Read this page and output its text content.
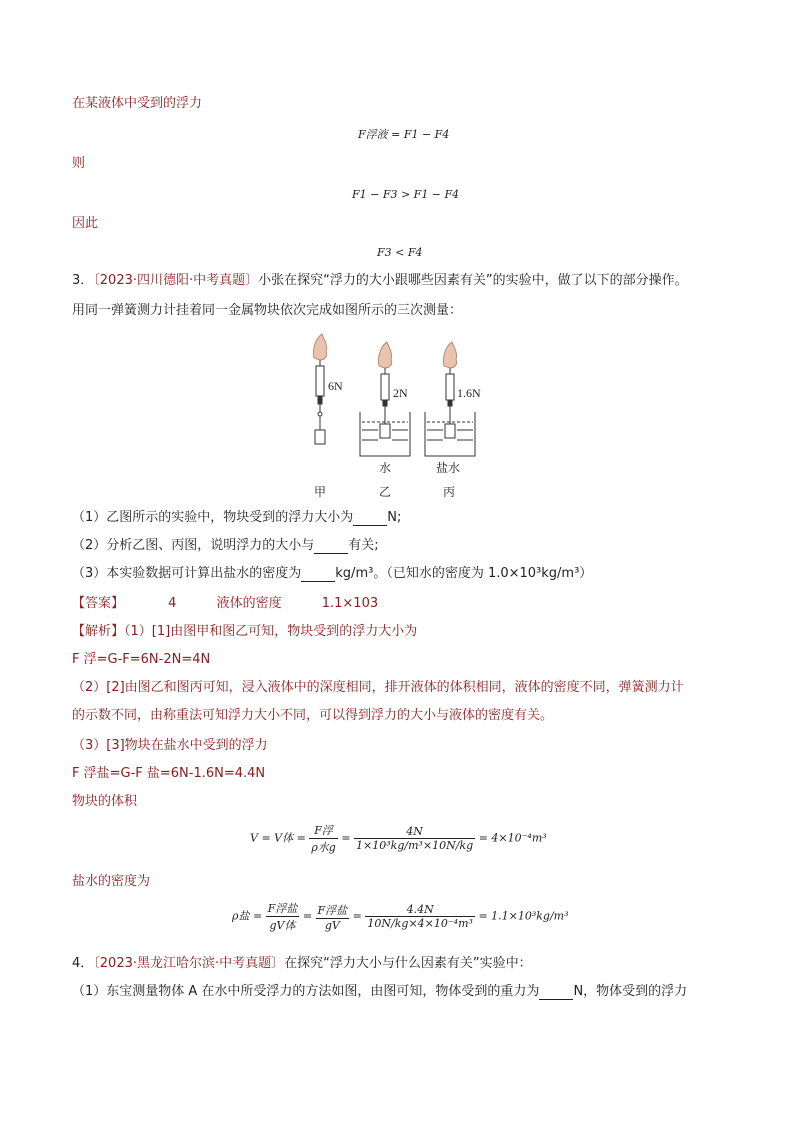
在某液体中受到的浮力
F浮液 = F1 − F4
则
F1 − F3 > F1 − F4
因此
F3 < F4
3．〔2023·四川德阳·中考真题〕小张在探究“浮力的大小跟哪些因素有关”的实验中，做了以下的部分操作。
用同一弹簧测力计挂着同一金属物块依次完成如图所示的三次测量：
6N	2N	1.6N
水	盐水
甲	乙	丙
（1）乙图所示的实验中，物块受到的浮力大小为	N;
（2）分析乙图、丙图，说明浮力的大小与	有关;
（3）本实验数据可计算出盐水的密度为	kg/m³。（已知水的密度为 1.0×10³kg/m³）
【答案】	4	液体的密度	1.1×103
【解析】（1）[1]由图甲和图乙可知，物块受到的浮力大小为
F 浮=G-F=6N-2N=4N
（2）[2]由图乙和图丙可知，浸入液体中的深度相同，排开液体的体积相同，液体的密度不同，弹簧测力计
的示数不同，由称重法可知浮力大小不同，可以得到浮力的大小与液体的密度有关。
（3）[3]物块在盐水中受到的浮力
F 浮盐=G-F 盐=6N-1.6N=4.4N
物块的体积
V = V体 = $\frac{\text{F浮}}{\text{ρ水g}} = \frac{4N}{\text{1×10³kg/m³×10N/kg}} = 4\times 10^{-4}m^3$
盐水的密度为
ρ盐 = $\frac{\text{F浮盐}}{\text{gV体}} = \frac{\text{F浮盐}}{gV} = \frac{4.4N}{\text{10N/kg×4×10⁻⁴m³}} = 1.1\times 10^3kg/m^3$
4．〔2023·黑龙江哈尔滨·中考真题〕在探究“浮力大小与什么因素有关”实验中：
（1）东宝测量物体 A 在水中所受浮力的方法如图，由图可知，物体受到的重力为	N，物体受到的浮力
